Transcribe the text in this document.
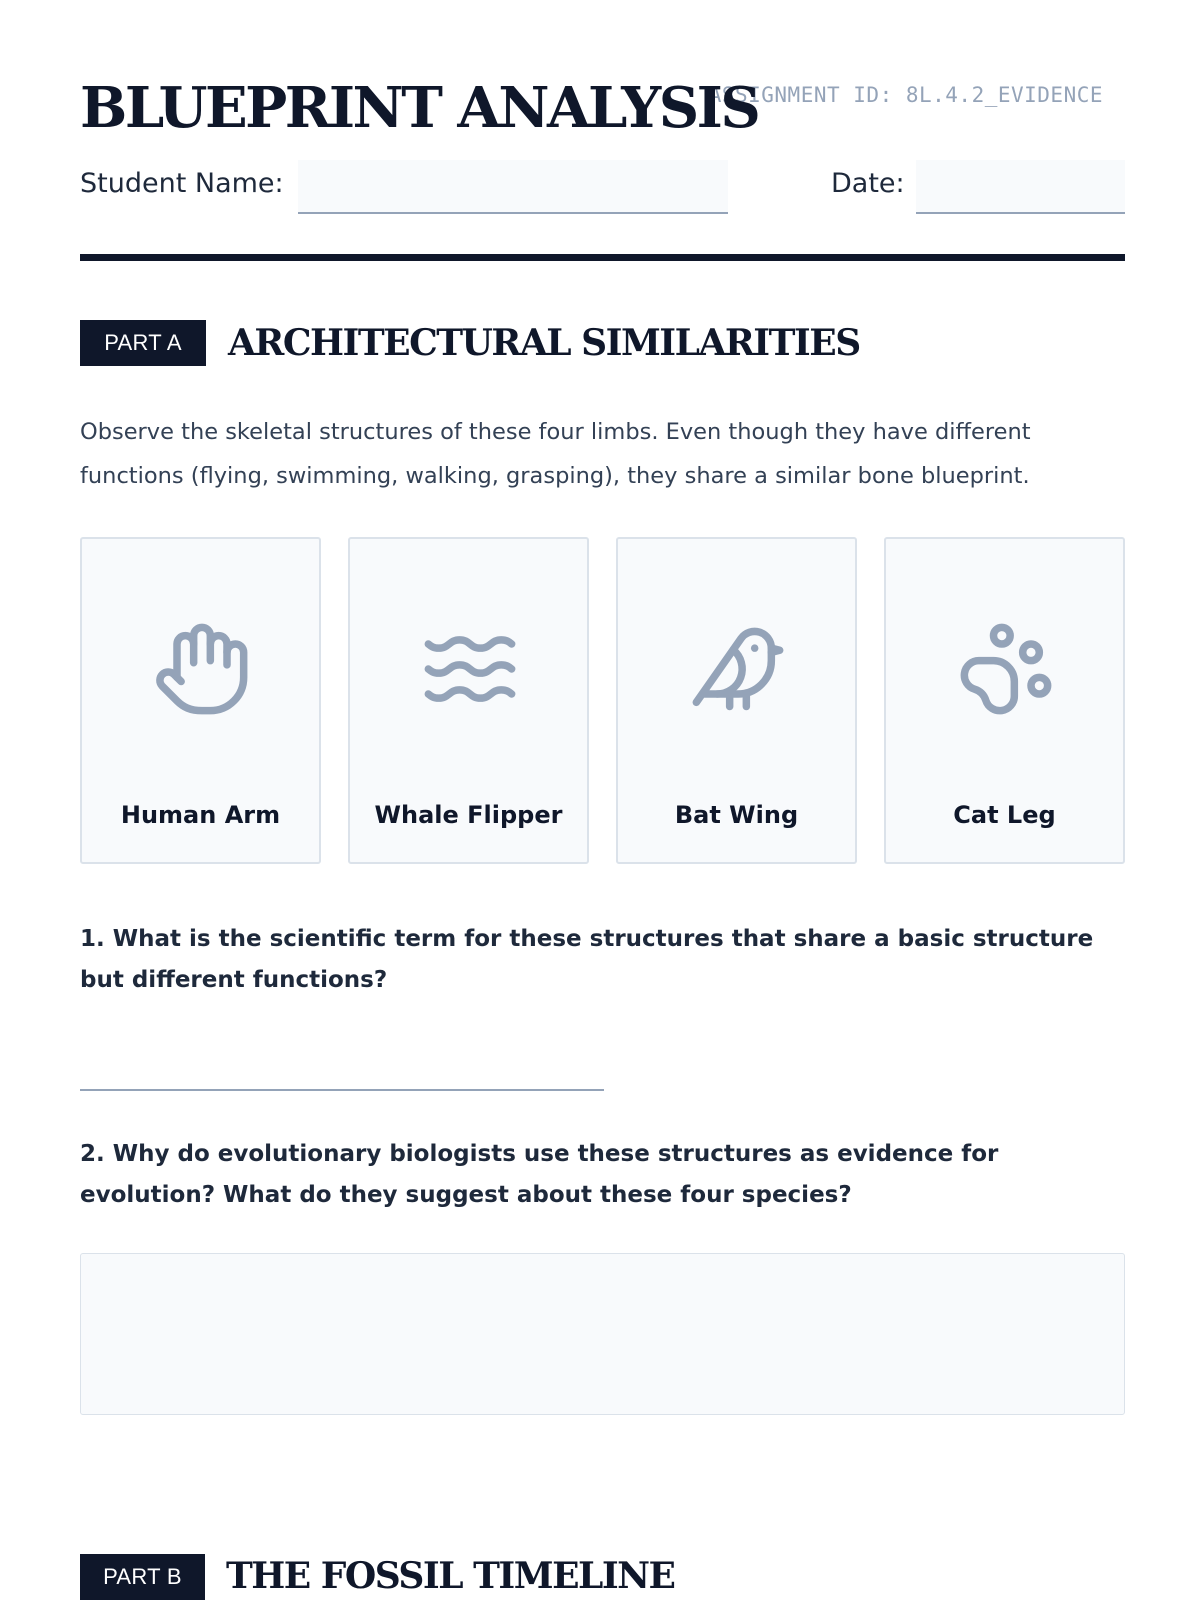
ASSIGNMENT ID: 8L.4.2_EVIDENCE
BLUEPRINT ANALYSIS
Student Name:	Date:
PART A	ARCHITECTURAL SIMILARITIES

Observe the skeletal structures of these four limbs. Even though they have different functions (flying, swimming, walking, grasping), they share a similar bone blueprint.

Human Arm	Whale Flipper	Bat Wing	Cat Leg

1. What is the scientific term for these structures that share a basic structure but different functions?

2. Why do evolutionary biologists use these structures as evidence for evolution? What do they suggest about these four species?

PART B	THE FOSSIL TIMELINE
